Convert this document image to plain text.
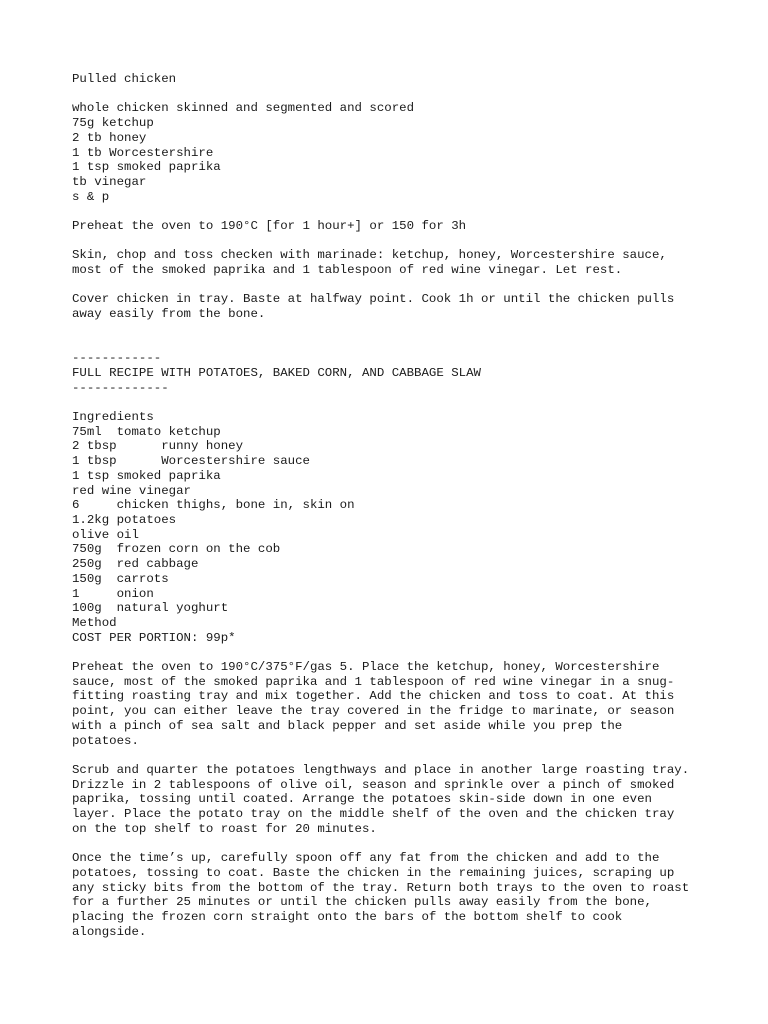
Pulled chicken
whole chicken skinned and segmented and scored
75g ketchup
2 tb honey
1 tb Worcestershire
1 tsp smoked paprika
tb vinegar
s & p
Preheat the oven to 190°C [for 1 hour+] or 150 for 3h
Skin, chop and toss checken with marinade: ketchup, honey, Worcestershire sauce,
most of the smoked paprika and 1 tablespoon of red wine vinegar. Let rest.
Cover chicken in tray. Baste at halfway point. Cook 1h or until the chicken pulls
away easily from the bone.
------------
FULL RECIPE WITH POTATOES, BAKED CORN, AND CABBAGE SLAW
-------------
Ingredients
75ml  tomato ketchup
2 tbsp      runny honey
1 tbsp      Worcestershire sauce
1 tsp smoked paprika
red wine vinegar
6     chicken thighs, bone in, skin on
1.2kg potatoes
olive oil
750g  frozen corn on the cob
250g  red cabbage
150g  carrots
1     onion
100g  natural yoghurt
Method
COST PER PORTION: 99p*
Preheat the oven to 190°C/375°F/gas 5. Place the ketchup, honey, Worcestershire
sauce, most of the smoked paprika and 1 tablespoon of red wine vinegar in a snug-
fitting roasting tray and mix together. Add the chicken and toss to coat. At this
point, you can either leave the tray covered in the fridge to marinate, or season
with a pinch of sea salt and black pepper and set aside while you prep the
potatoes.
Scrub and quarter the potatoes lengthways and place in another large roasting tray.
Drizzle in 2 tablespoons of olive oil, season and sprinkle over a pinch of smoked
paprika, tossing until coated. Arrange the potatoes skin-side down in one even
layer. Place the potato tray on the middle shelf of the oven and the chicken tray
on the top shelf to roast for 20 minutes.
Once the time’s up, carefully spoon off any fat from the chicken and add to the
potatoes, tossing to coat. Baste the chicken in the remaining juices, scraping up
any sticky bits from the bottom of the tray. Return both trays to the oven to roast
for a further 25 minutes or until the chicken pulls away easily from the bone,
placing the frozen corn straight onto the bars of the bottom shelf to cook
alongside.
